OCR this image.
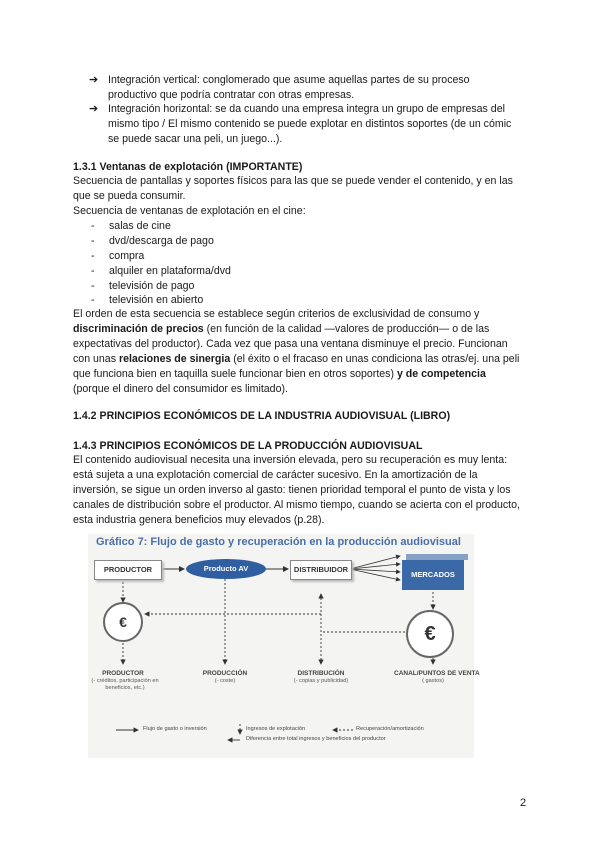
➔ Integración vertical: conglomerado que asume aquellas partes de su proceso productivo que podría contratar con otras empresas.
➔ Integración horizontal: se da cuando una empresa integra un grupo de empresas del mismo tipo / El mismo contenido se puede explotar en distintos soportes (de un cómic se puede sacar una peli, un juego...).
1.3.1 Ventanas de explotación (IMPORTANTE)
Secuencia de pantallas y soportes físicos para las que se puede vender el contenido, y en las que se pueda consumir.
Secuencia de ventanas de explotación en el cine:
- salas de cine
- dvd/descarga de pago
- compra
- alquiler en plataforma/dvd
- televisión de pago
- televisión en abierto
El orden de esta secuencia se establece según criterios de exclusividad de consumo y discriminación de precios (en función de la calidad —valores de producción— o de las expectativas del productor). Cada vez que pasa una ventana disminuye el precio. Funcionan con unas relaciones de sinergia (el éxito o el fracaso en unas condiciona las otras/ej. una peli que funciona bien en taquilla suele funcionar bien en otros soportes) y de competencia (porque el dinero del consumidor es limitado).
1.4.2 PRINCIPIOS ECONÓMICOS DE LA INDUSTRIA AUDIOVISUAL (LIBRO)
1.4.3 PRINCIPIOS ECONÓMICOS DE LA PRODUCCIÓN AUDIOVISUAL
El contenido audiovisual necesita una inversión elevada, pero su recuperación es muy lenta: está sujeta a una explotación comercial de carácter sucesivo. En la amortización de la inversión, se sigue un orden inverso al gasto: tienen prioridad temporal el punto de vista y los canales de distribución sobre el productor. Al mismo tiempo, cuando se acierta con el producto, esta industria genera beneficios muy elevados (p.28).
Gráfico 7: Flujo de gasto y recuperación en la producción audiovisual
PRODUCTOR	Producto AV	DISTRIBUIDOR
MERCADOS
€
€
PRODUCTOR
(- créditos, participación en beneficios, etc.)
PRODUCCIÓN
(- coste)
DISTRIBUCIÓN
(- copias y publicidad)
CANAL/PUNTOS DE VENTA
( gastos)
Flujo de gasto o inversión	Ingresos de explotación	Recuperación/amortización
Diferencia entre total ingresos y beneficios del productor
2
